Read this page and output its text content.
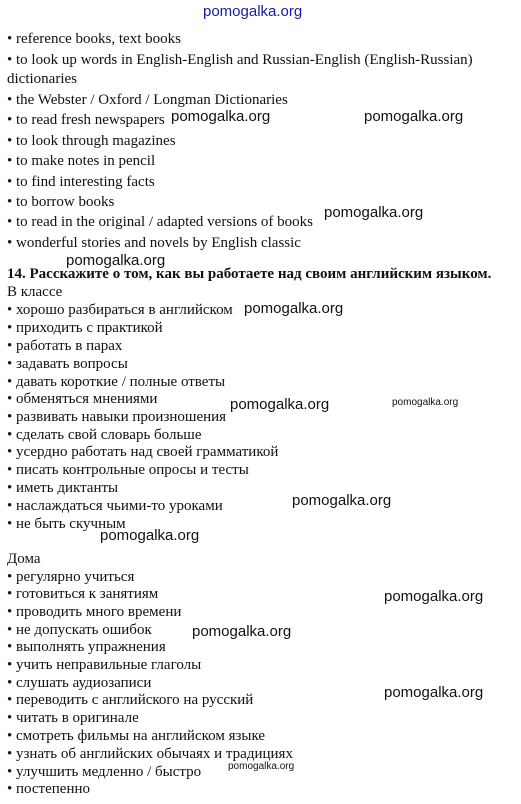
pomogalka.org
• reference books, text books
• to look up words in English-English and Russian-English (English-Russian)
dictionaries
• the Webster / Oxford / Longman Dictionaries
• to read fresh newspapers
• to look through magazines
• to make notes in pencil
• to find interesting facts
• to borrow books
• to read in the original / adapted versions of books
• wonderful stories and novels by English classic
14. Расскажите о том, как вы работаете над своим английским языком.
В классе
• хорошо разбираться в английском
• приходить с практикой
• работать в парах
• задавать вопросы
• давать короткие / полные ответы
• обменяться мнениями
• развивать навыки произношения
• сделать свой словарь больше
• усердно работать над своей грамматикой
• писать контрольные опросы и тесты
• иметь диктанты
• наслаждаться чьими-то уроками
• не быть скучным
Дома
• регулярно учиться
• готовиться к занятиям
• проводить много времени
• не допускать ошибок
• выполнять упражнения
• учить неправильные глаголы
• слушать аудиозаписи
• переводить с английского на русский
• читать в оригинале
• смотреть фильмы на английском языке
• узнать об английских обычаях и традициях
• улучшить медленно / быстро
• постепенно
pomogalka.org	pomogalka.org
pomogalka.org
pomogalka.org
pomogalka.org
pomogalka.org	pomogalka.org
pomogalka.org
pomogalka.org
pomogalka.org
pomogalka.org
pomogalka.org
pomogalka.org
